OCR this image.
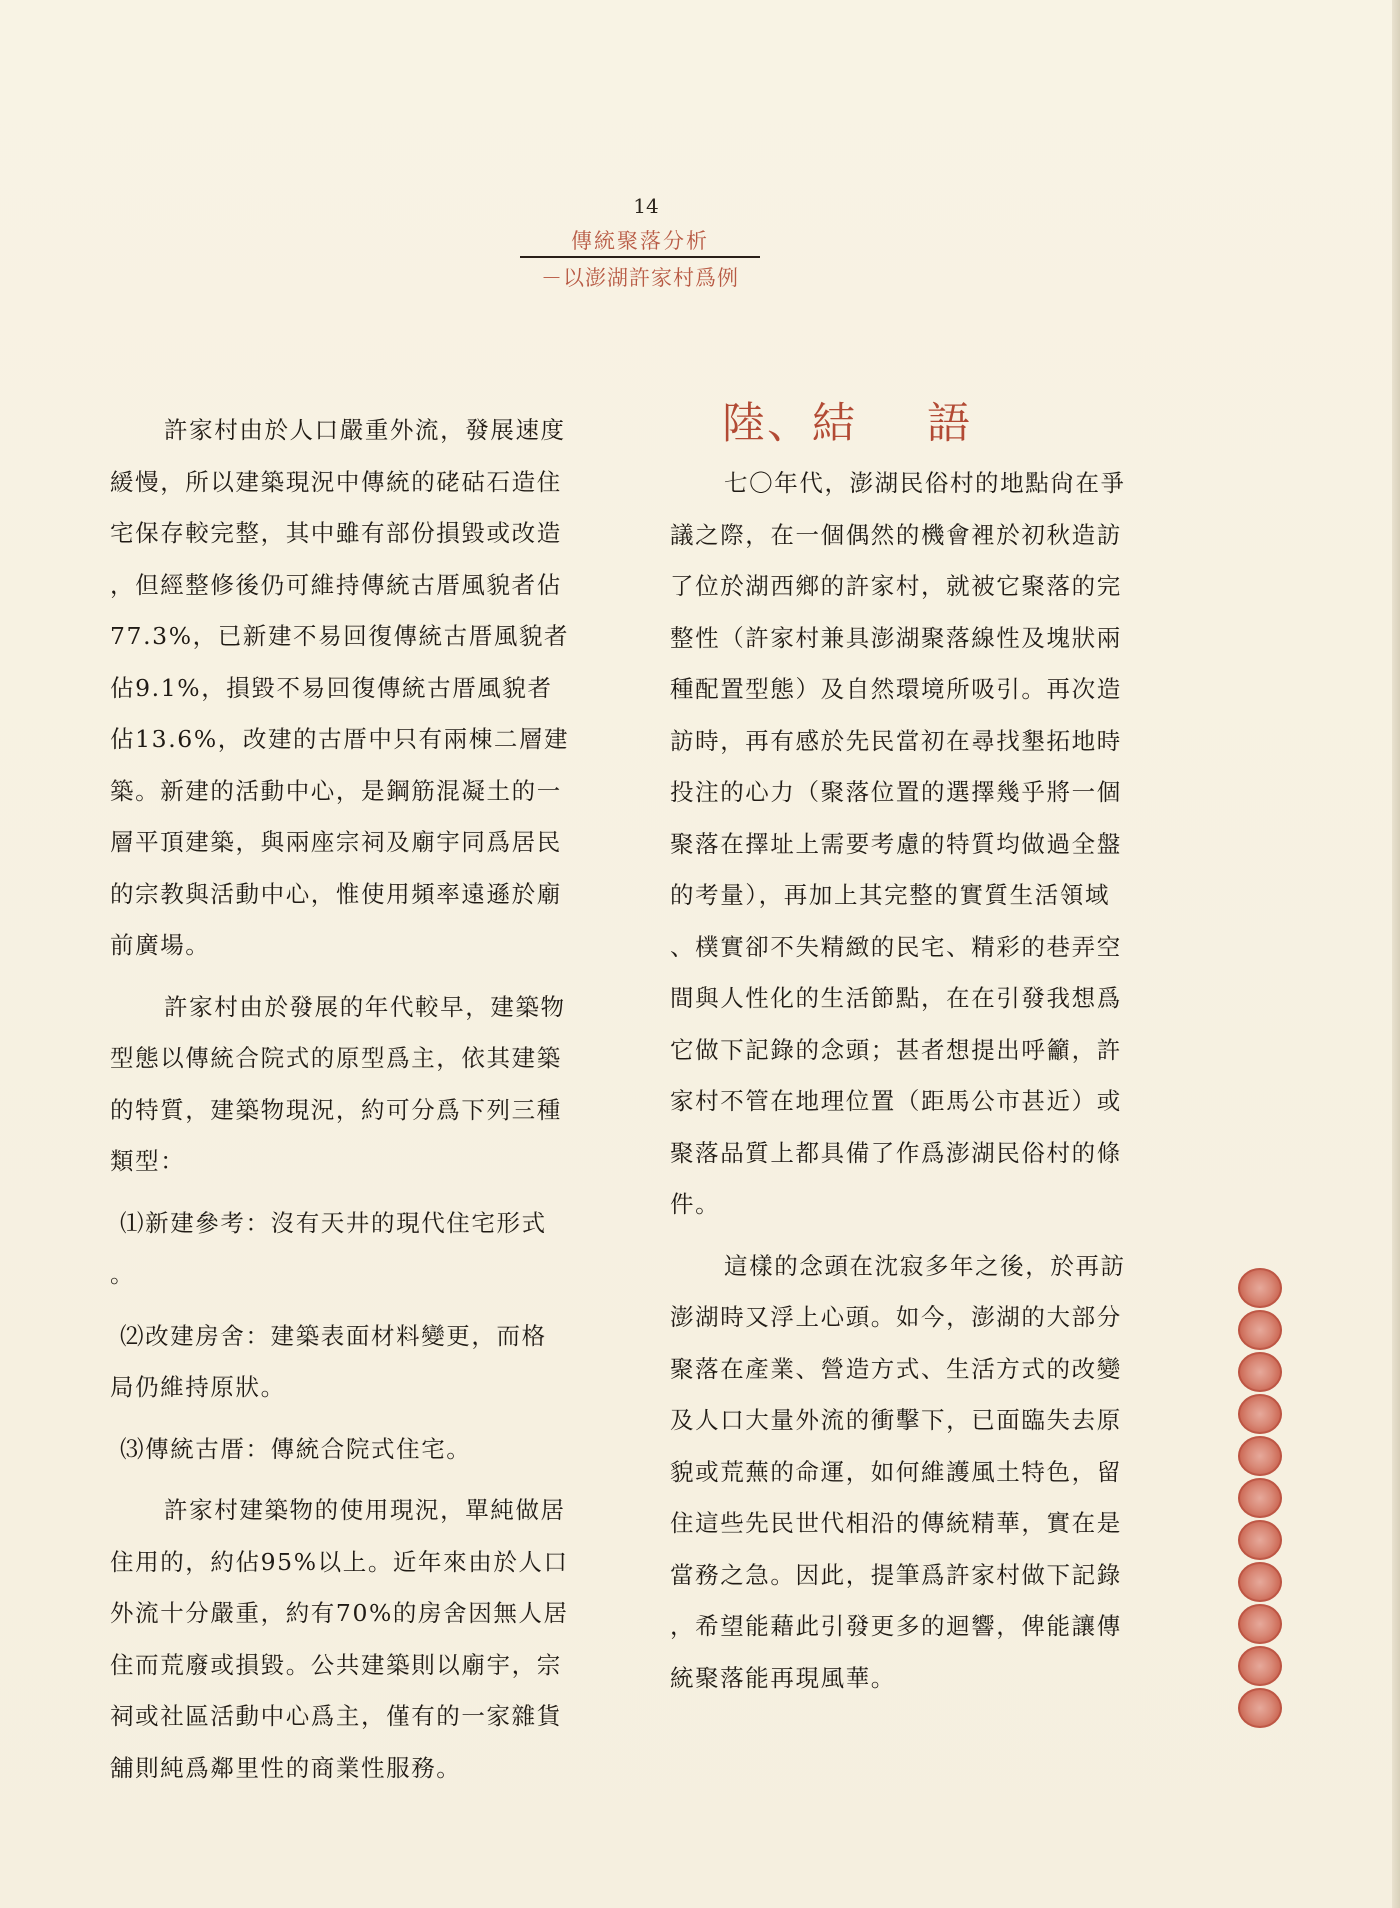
14
傳統聚落分析
－以澎湖許家村爲例

許家村由於人口嚴重外流，發展速度

緩慢，所以建築現況中傳統的硓𥑮石造住

宅保存較完整，其中雖有部份損毀或改造

，但經整修後仍可維持傳統古厝風貌者佔

77.3%，已新建不易回復傳統古厝風貌者

佔9.1%，損毀不易回復傳統古厝風貌者

佔13.6%，改建的古厝中只有兩棟二層建

築。新建的活動中心，是鋼筋混凝土的一

層平頂建築，與兩座宗祠及廟宇同爲居民

的宗教與活動中心，惟使用頻率遠遜於廟

前廣場。

許家村由於發展的年代較早，建築物

型態以傳統合院式的原型爲主，依其建築

的特質，建築物現況，約可分爲下列三種

類型：

⑴新建參考：沒有天井的現代住宅形式

。

⑵改建房舍：建築表面材料變更，而格

局仍維持原狀。

⑶傳統古厝：傳統合院式住宅。

許家村建築物的使用現況，單純做居

住用的，約佔95%以上。近年來由於人口

外流十分嚴重，約有70%的房舍因無人居

住而荒廢或損毀。公共建築則以廟宇，宗

祠或社區活動中心爲主，僅有的一家雜貨

舖則純爲鄰里性的商業性服務。

陸、結 語

七〇年代，澎湖民俗村的地點尙在爭

議之際，在一個偶然的機會裡於初秋造訪

了位於湖西鄉的許家村，就被它聚落的完

整性（許家村兼具澎湖聚落線性及塊狀兩

種配置型態）及自然環境所吸引。再次造

訪時，再有感於先民當初在尋找墾拓地時

投注的心力（聚落位置的選擇幾乎將一個

聚落在擇址上需要考慮的特質均做過全盤

的考量），再加上其完整的實質生活領域

、樸實卻不失精緻的民宅、精彩的巷弄空

間與人性化的生活節點，在在引發我想爲

它做下記錄的念頭；甚者想提出呼籲，許

家村不管在地理位置（距馬公市甚近）或

聚落品質上都具備了作爲澎湖民俗村的條

件。

這樣的念頭在沈寂多年之後，於再訪

澎湖時又浮上心頭。如今，澎湖的大部分

聚落在產業、營造方式、生活方式的改變

及人口大量外流的衝擊下，已面臨失去原

貌或荒蕪的命運，如何維護風土特色，留

住這些先民世代相沿的傳統精華，實在是

當務之急。因此，提筆爲許家村做下記錄

，希望能藉此引發更多的迴響，俾能讓傳

統聚落能再現風華。
